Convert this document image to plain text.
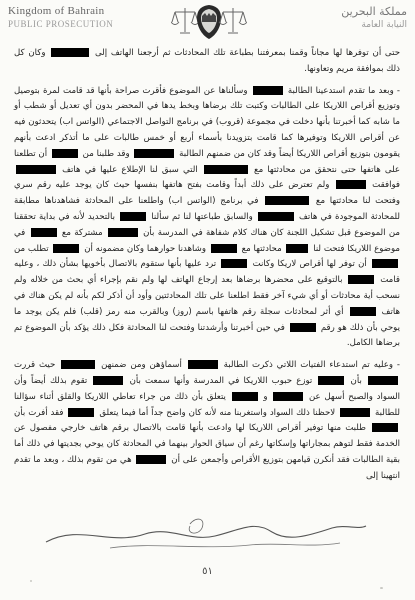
Kingdom of Bahrain
PUBLIC PROSECUTION
مملكة البحرين
النيابة العامة

حتى أن توفرها لها مجاناً وقمنا بمعرفتنا بطباعة تلك المحادثات ثم أرجعنا الهاتف إلى  وكان كل ذلك بموافقة مريم وتعاونها.

- وبعد ما تقدم استدعينا الطالبة  وسألناها عن الموضوع فأقرت صراحة بأنها قد قامت لمرة بتوصيل وتوزيع أقراص اللاريكا على الطالبات وكتبت تلك برضاها وبخط يدها في المحضر بدون أي تعديل أو شطب أو ما شابه كما أخبرتنا بأنها دخلت في مجموعة (قروب) في برنامج التواصل الاجتماعي (الواتس اب) يتحدثون فيه عن أقراص اللاريكا وتوفيرها كما قامت بتزويدنا بأسماء أربع أو خمس طالبات على ما أتذكر ادعت بأنهم يقومون بتوزيع أقراص اللاريكا أيضاً وقد كان من ضمنهم الطالبة  وقد طلبنا من  أن تطلعنا على هاتفها حتى نتحقق من محادثتها مع  التي سبق لنا الإطلاع عليها في هاتف  فوافقت  ولم تعترض على ذلك أبداً وقامت بفتح هاتفها بنفسها حيث كان يوجد عليه رقم سري وفتحت لنا محادثتها مع  في برنامج (الواتس اب) واطلعنا على المحادثة فشاهدناها مطابقة للمحادثة الموجودة في هاتف  والسابق طباعتها لنا ثم سألنا  بالتحديد لأنه في بداية تحققنا من الموضوع قبل تشكيل اللجنة كان هناك كلام شفاهة في المدرسة بأن  مشتركة مع  في موضوع اللاريكا فتحت لنا  محادثتها مع  وشاهدنا حوارهما وكان مضمونه أن  تطلب من  أن توفر لها أقراص لاريكا وكانت  ترد عليها بأنها ستقوم بالاتصال بأخويها بشأن ذلك ، وعليه قامت  بالتوقيع على محضرها برضاها بعد إرجاع الهاتف لها ولم نقم بإجراء أي بحث من خلاله ولم نسحب أية محادثات أو أي شيء آخر فقط اطلعنا على تلك المحادثتين وأود أن أذكر لكم بأنه لم يكن هناك في هاتف  أي أثر لمحادثات سجلة رقم هاتفها باسم (روز) وبالقرب منه رمز (قلب) فلم يكن يوجد ما يوحي بأن ذلك هو رقم  في حين أخبرتنا وأرشدتنا وفتحت لنا المحادثة فكل ذلك يؤكد بأن الموضوع تم برضاها الكامل.

- وعليه تم استدعاء الفتيات اللاتي ذكرت الطالبة  أسماؤهن ومن ضمنهن  حيث قررت  بأن  توزع حبوب اللاريكا في المدرسة وأنها سمعت بأن  تقوم بذلك أيضاً وأن السواد والصبح أسهل عن  و  يتعلق بأن ذلك من جراء تعاطي اللاريكا والقلق أثناء سؤالنا للطالبة  لاحظنا ذلك السواد واستغربنا منه لأنه كان واضح جداً أما فيما يتعلق  فقد أفرت بأن  طلبت منها توفير أقراص اللاريكا لها وادعت بأنها قامت بالاتصال برقم هاتف خارجي مفصول عن الخدمة فقط لتوهم بمجاراتها وإسكاتها رغم أن سياق الحوار بينهما في المحادثة كان يوحي بجديتها في ذلك أما بقية الطالبات فقد أنكرن قيامهن بتوزيع الأقراص وأجمعن على أن  هي من تقوم بذلك ، وبعد ما تقدم انتهينا إلى

٥١
